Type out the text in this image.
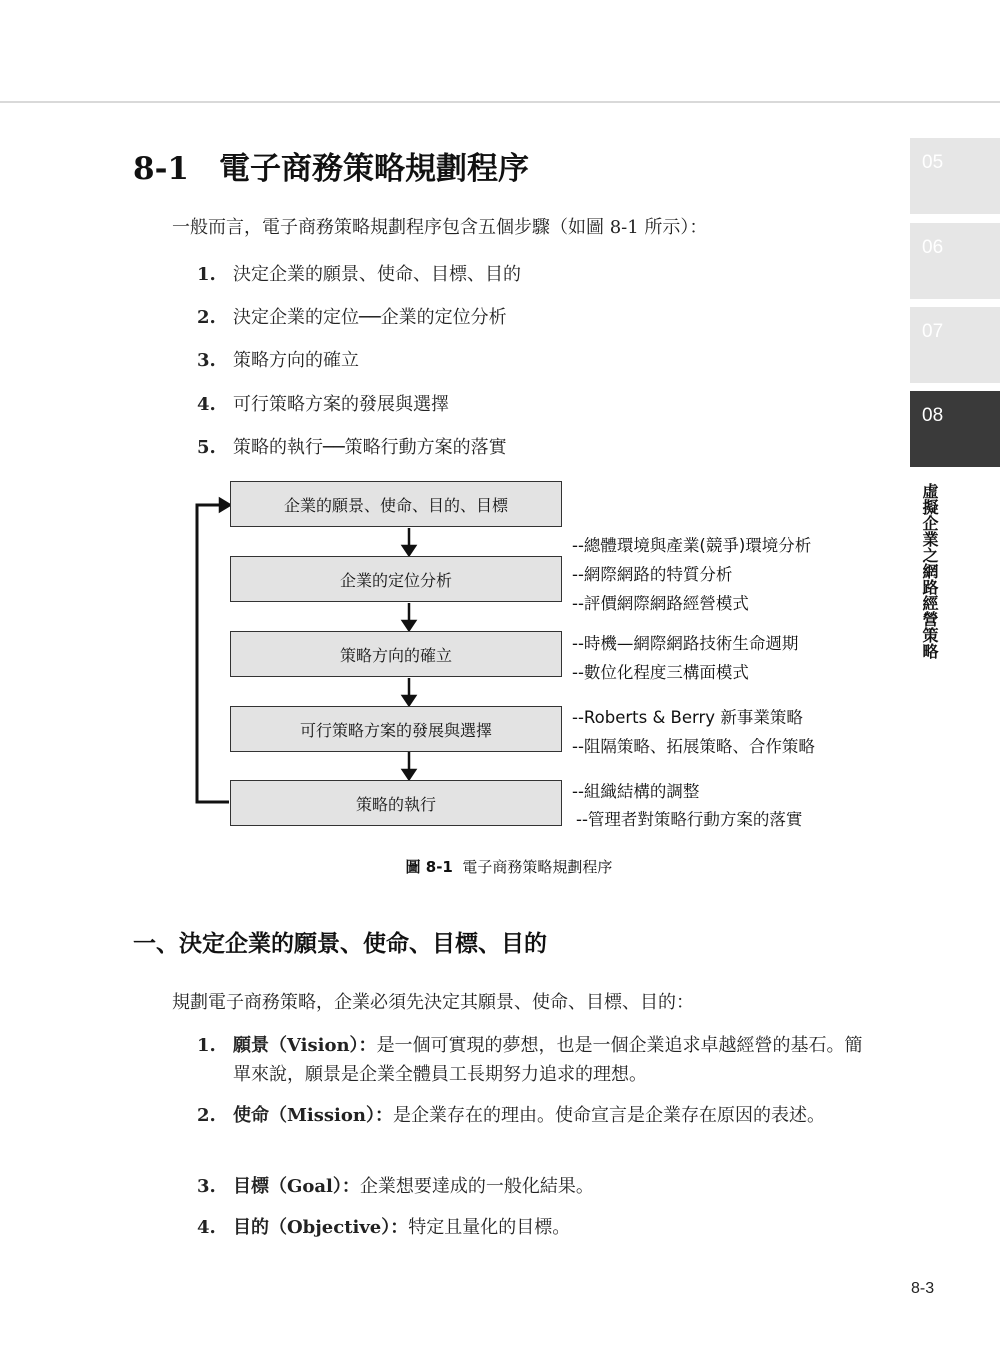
05
06
07
08
虛擬企業之網路經營策略
8-1 電子商務策略規劃程序
一般而言，電子商務策略規劃程序包含五個步驟（如圖 8-1 所示）：
1. 決定企業的願景、使命、目標、目的
2. 決定企業的定位──企業的定位分析
3. 策略方向的確立
4. 可行策略方案的發展與選擇
5. 策略的執行──策略行動方案的落實
企業的願景、使命、目的、目標
企業的定位分析
策略方向的確立
可行策略方案的發展與選擇
策略的執行
--總體環境與產業(競爭)環境分析
--網際網路的特質分析
--評價網際網路經營模式
--時機—網際網路技術生命週期
--數位化程度三構面模式
--Roberts & Berry 新事業策略
--阻隔策略、拓展策略、合作策略
--組織結構的調整
--管理者對策略行動方案的落實
圖 8-1 電子商務策略規劃程序
一、決定企業的願景、使命、目標、目的
規劃電子商務策略，企業必須先決定其願景、使命、目標、目的：
1. 願景（Vision）：是一個可實現的夢想，也是一個企業追求卓越經營的基石。簡單來說，願景是企業全體員工長期努力追求的理想。
2. 使命（Mission）：是企業存在的理由。使命宣言是企業存在原因的表述。
3. 目標（Goal）：企業想要達成的一般化結果。
4. 目的（Objective）：特定且量化的目標。
8-3
